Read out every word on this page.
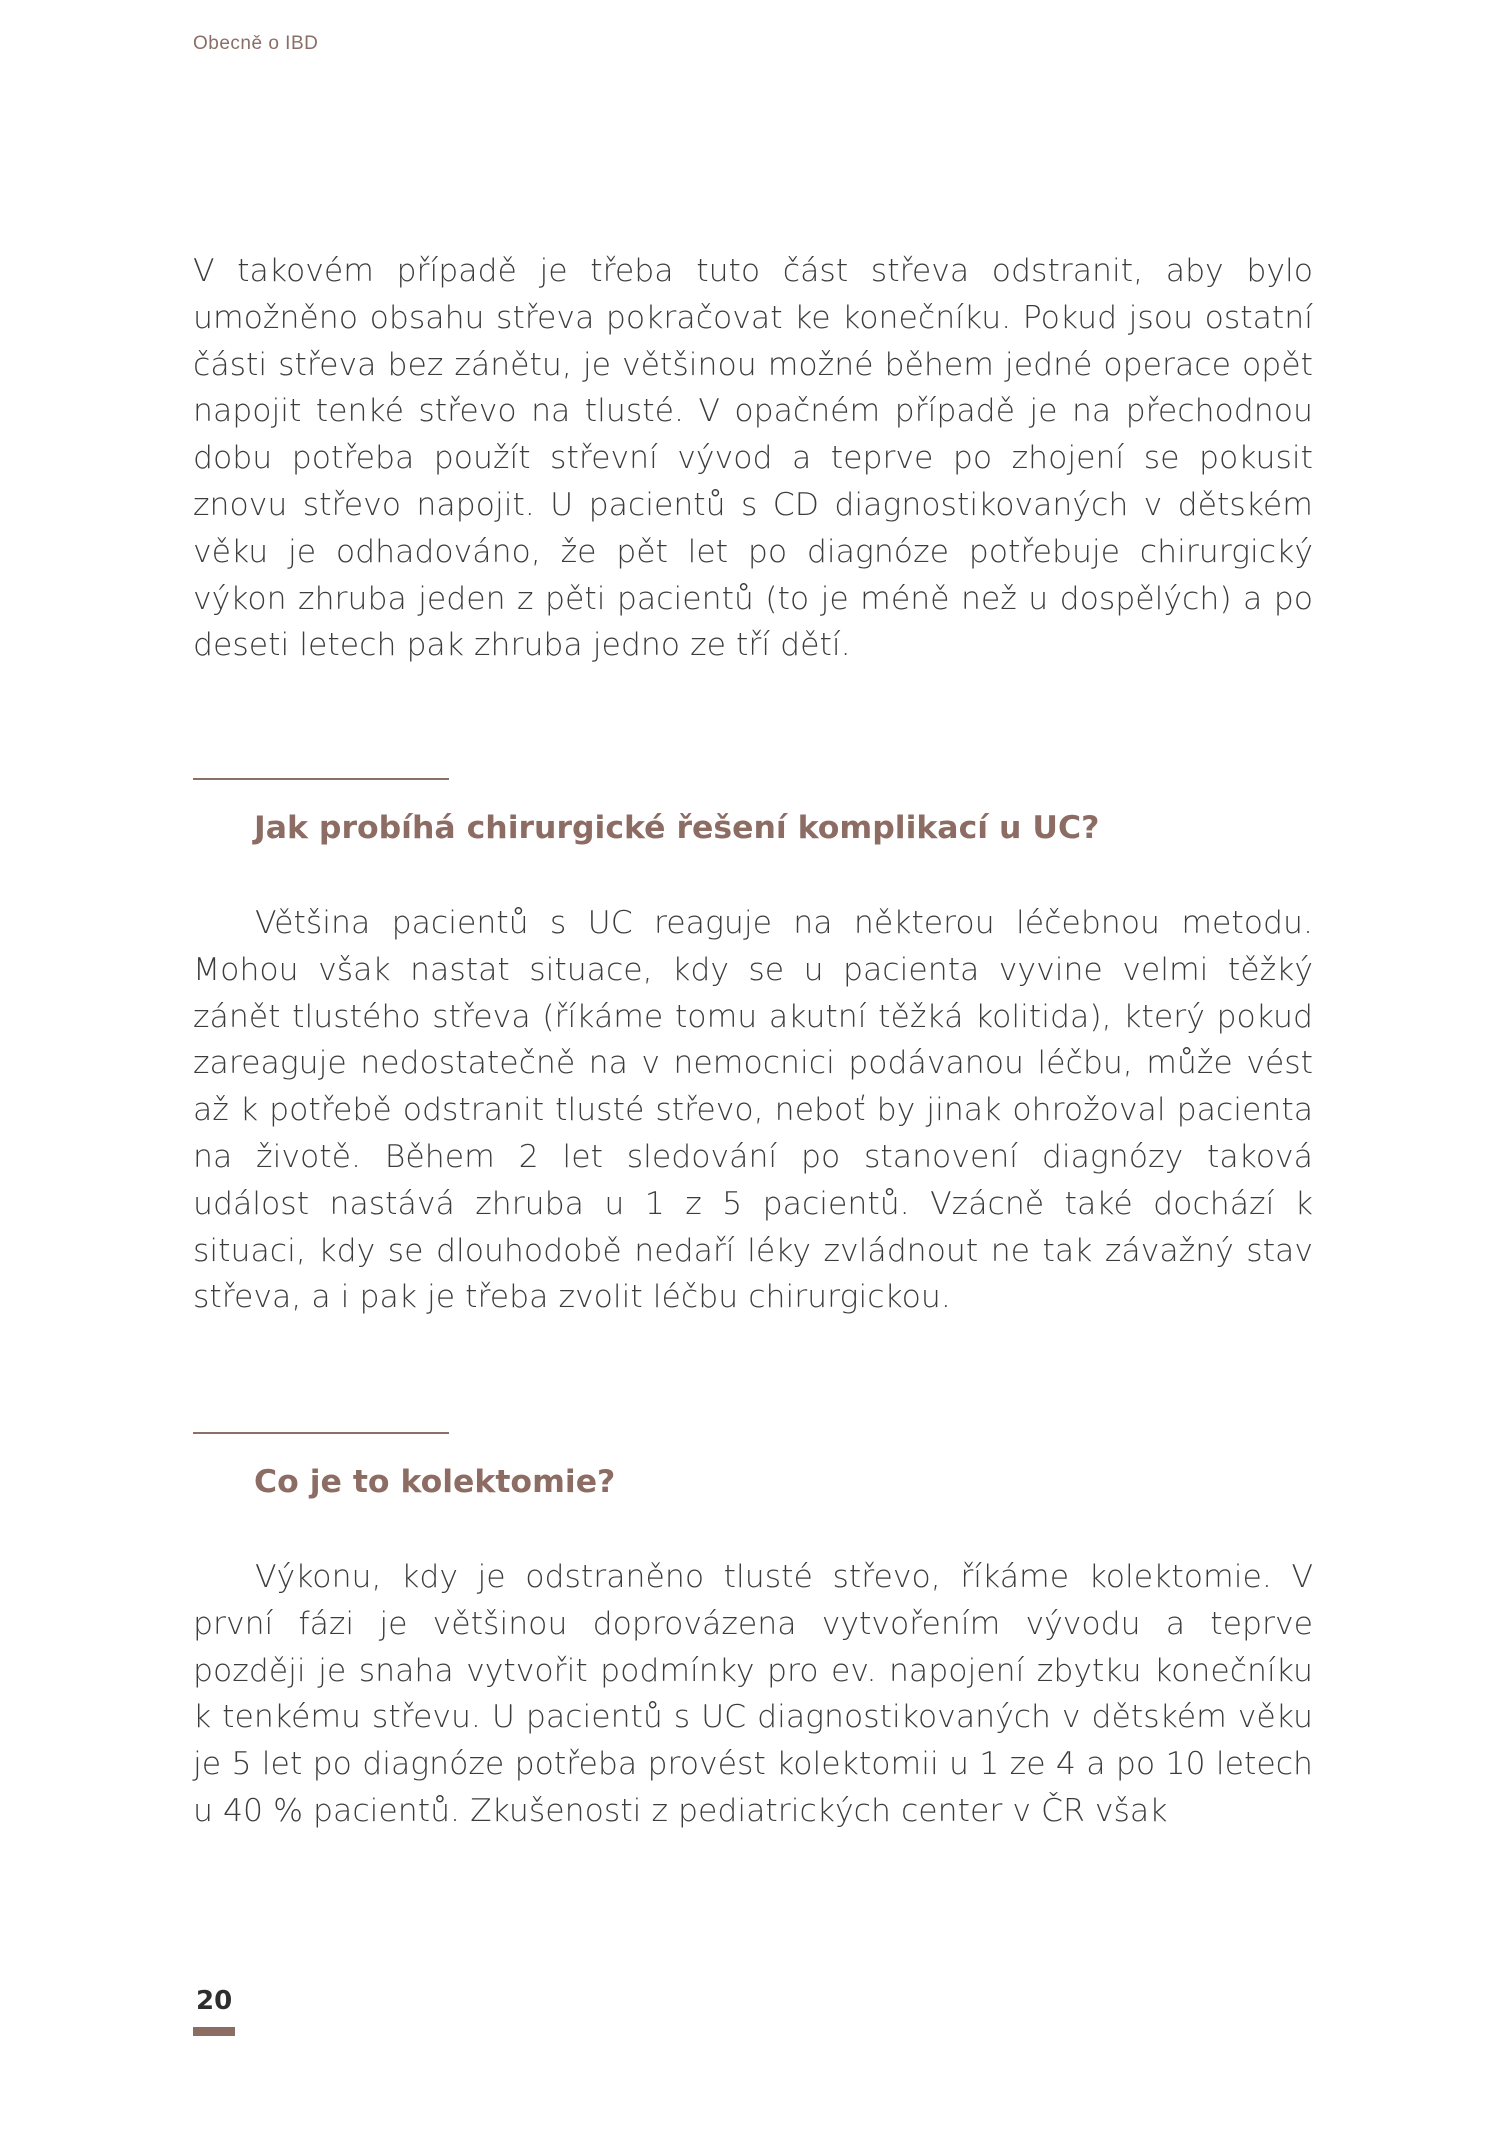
Obecně o IBD

V takovém případě je třeba tuto část střeva odstranit, aby bylo umožněno obsahu střeva pokračovat ke konečníku. Pokud jsou ostatní části střeva bez zánětu, je většinou možné během jedné operace opět napojit tenké střevo na tlusté. V opačném případě je na přechodnou dobu potřeba použít střevní vývod a teprve po zhojení se pokusit znovu střevo napojit. U pacientů s CD diagnostikovaných v dětském věku je odhadováno, že pět let po diagnóze potřebuje chirurgický výkon zhruba jeden z pěti pacientů (to je méně než u dospělých) a po deseti letech pak zhruba jedno ze tří dětí.

Jak probíhá chirurgické řešení komplikací u UC?

Většina pacientů s UC reaguje na některou léčebnou metodu. Mohou však nastat situace, kdy se u pacienta vyvine velmi těžký zánět tlustého střeva (říkáme tomu akutní těžká kolitida), který pokud zareaguje nedostatečně na v nemocnici podávanou léčbu, může vést až k potřebě odstranit tlusté střevo, neboť by jinak ohrožoval pacienta na životě. Během 2 let sledování po stanovení diagnózy taková událost nastává zhruba u 1 z 5 pacientů. Vzácně také dochází k situaci, kdy se dlouhodobě nedaří léky zvládnout ne tak závažný stav střeva, a i pak je třeba zvolit léčbu chirurgickou.

Co je to kolektomie?

Výkonu, kdy je odstraněno tlusté střevo, říkáme kolektomie. V první fázi je většinou doprovázena vytvořením vývodu a teprve později je snaha vytvořit podmínky pro ev. napojení zbytku konečníku k tenkému střevu. U pacientů s UC diagnostikovaných v dětském věku je 5 let po diagnóze potřeba provést kolektomii u 1 ze 4 a po 10 letech u 40 % pacientů. Zkušenosti z pediatrických center v ČR však

20
